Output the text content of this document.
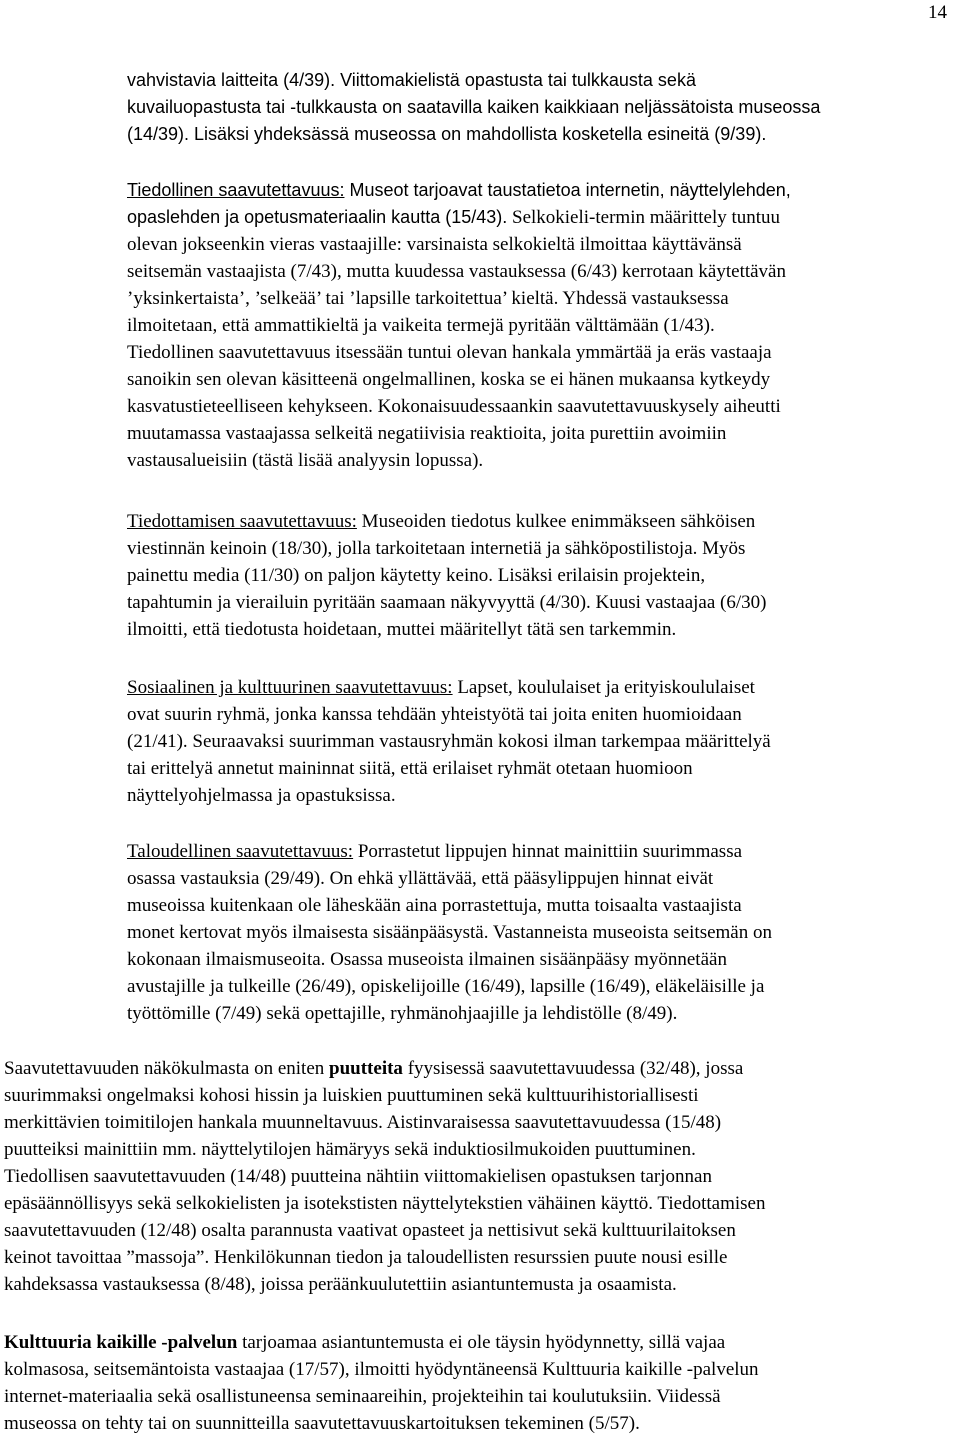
14
vahvistavia laitteita (4/39). Viittomakielistä opastusta tai tulkkausta sekä
kuvailuopastusta tai -tulkkausta on saatavilla kaiken kaikkiaan neljässätoista museossa
(14/39). Lisäksi yhdeksässä museossa on mahdollista kosketella esineitä (9/39).
Tiedollinen saavutettavuus: Museot tarjoavat taustatietoa internetin, näyttelylehden,
opaslehden ja opetusmateriaalin kautta (15/43). Selkokieli-termin määrittely tuntuu
olevan jokseenkin vieras vastaajille: varsinaista selkokieltä ilmoittaa käyttävänsä
seitsemän vastaajista (7/43), mutta kuudessa vastauksessa (6/43) kerrotaan käytettävän
’yksinkertaista’, ’selkeää’ tai ’lapsille tarkoitettua’ kieltä. Yhdessä vastauksessa
ilmoitetaan, että ammattikieltä ja vaikeita termejä pyritään välttämään (1/43).
Tiedollinen saavutettavuus itsessään tuntui olevan hankala ymmärtää ja eräs vastaaja
sanoikin sen olevan käsitteenä ongelmallinen, koska se ei hänen mukaansa kytkeydy
kasvatustieteelliseen kehykseen. Kokonaisuudessaankin saavutettavuuskysely aiheutti
muutamassa vastaajassa selkeitä negatiivisia reaktioita, joita purettiin avoimiin
vastausalueisiin (tästä lisää analyysin lopussa).
Tiedottamisen saavutettavuus: Museoiden tiedotus kulkee enimmäkseen sähköisen
viestinnän keinoin (18/30), jolla tarkoitetaan internetiä ja sähköpostilistoja. Myös
painettu media (11/30) on paljon käytetty keino. Lisäksi erilaisin projektein,
tapahtumin ja vierailuin pyritään saamaan näkyvyyttä (4/30). Kuusi vastaajaa (6/30)
ilmoitti, että tiedotusta hoidetaan, muttei määritellyt tätä sen tarkemmin.
Sosiaalinen ja kulttuurinen saavutettavuus: Lapset, koululaiset ja erityiskoululaiset
ovat suurin ryhmä, jonka kanssa tehdään yhteistyötä tai joita eniten huomioidaan
(21/41). Seuraavaksi suurimman vastausryhmän kokosi ilman tarkempaa määrittelyä
tai erittelyä annetut maininnat siitä, että erilaiset ryhmät otetaan huomioon
näyttelyohjelmassa ja opastuksissa.
Taloudellinen saavutettavuus: Porrastetut lippujen hinnat mainittiin suurimmassa
osassa vastauksia (29/49). On ehkä yllättävää, että pääsylippujen hinnat eivät
museoissa kuitenkaan ole läheskään aina porrastettuja, mutta toisaalta vastaajista
monet kertovat myös ilmaisesta sisäänpääsystä. Vastanneista museoista seitsemän on
kokonaan ilmaismuseoita. Osassa museoista ilmainen sisäänpääsy myönnetään
avustajille ja tulkeille (26/49), opiskelijoille (16/49), lapsille (16/49), eläkeläisille ja
työttömille (7/49) sekä opettajille, ryhmänohjaajille ja lehdistölle (8/49).
Saavutettavuuden näkökulmasta on eniten puutteita fyysisessä saavutettavuudessa (32/48), jossa
suurimmaksi ongelmaksi kohosi hissin ja luiskien puuttuminen sekä kulttuurihistoriallisesti
merkittävien toimitilojen hankala muunneltavuus. Aistinvaraisessa saavutettavuudessa (15/48)
puutteiksi mainittiin mm. näyttelytilojen hämäryys sekä induktiosilmukoiden puuttuminen.
Tiedollisen saavutettavuuden (14/48) puutteina nähtiin viittomakielisen opastuksen tarjonnan
epäsäännöllisyys sekä selkokielisten ja isotekstisten näyttelytekstien vähäinen käyttö. Tiedottamisen
saavutettavuuden (12/48) osalta parannusta vaativat opasteet ja nettisivut sekä kulttuurilaitoksen
keinot tavoittaa ”massoja”. Henkilökunnan tiedon ja taloudellisten resurssien puute nousi esille
kahdeksassa vastauksessa (8/48), joissa peräänkuulutettiin asiantuntemusta ja osaamista.
Kulttuuria kaikille -palvelun tarjoamaa asiantuntemusta ei ole täysin hyödynnetty, sillä vajaa
kolmasosa, seitsemäntoista vastaajaa (17/57), ilmoitti hyödyntäneensä Kulttuuria kaikille -palvelun
internet-materiaalia sekä osallistuneensa seminaareihin, projekteihin tai koulutuksiin. Viidessä
museossa on tehty tai on suunnitteilla saavutettavuuskartoituksen tekeminen (5/57).
